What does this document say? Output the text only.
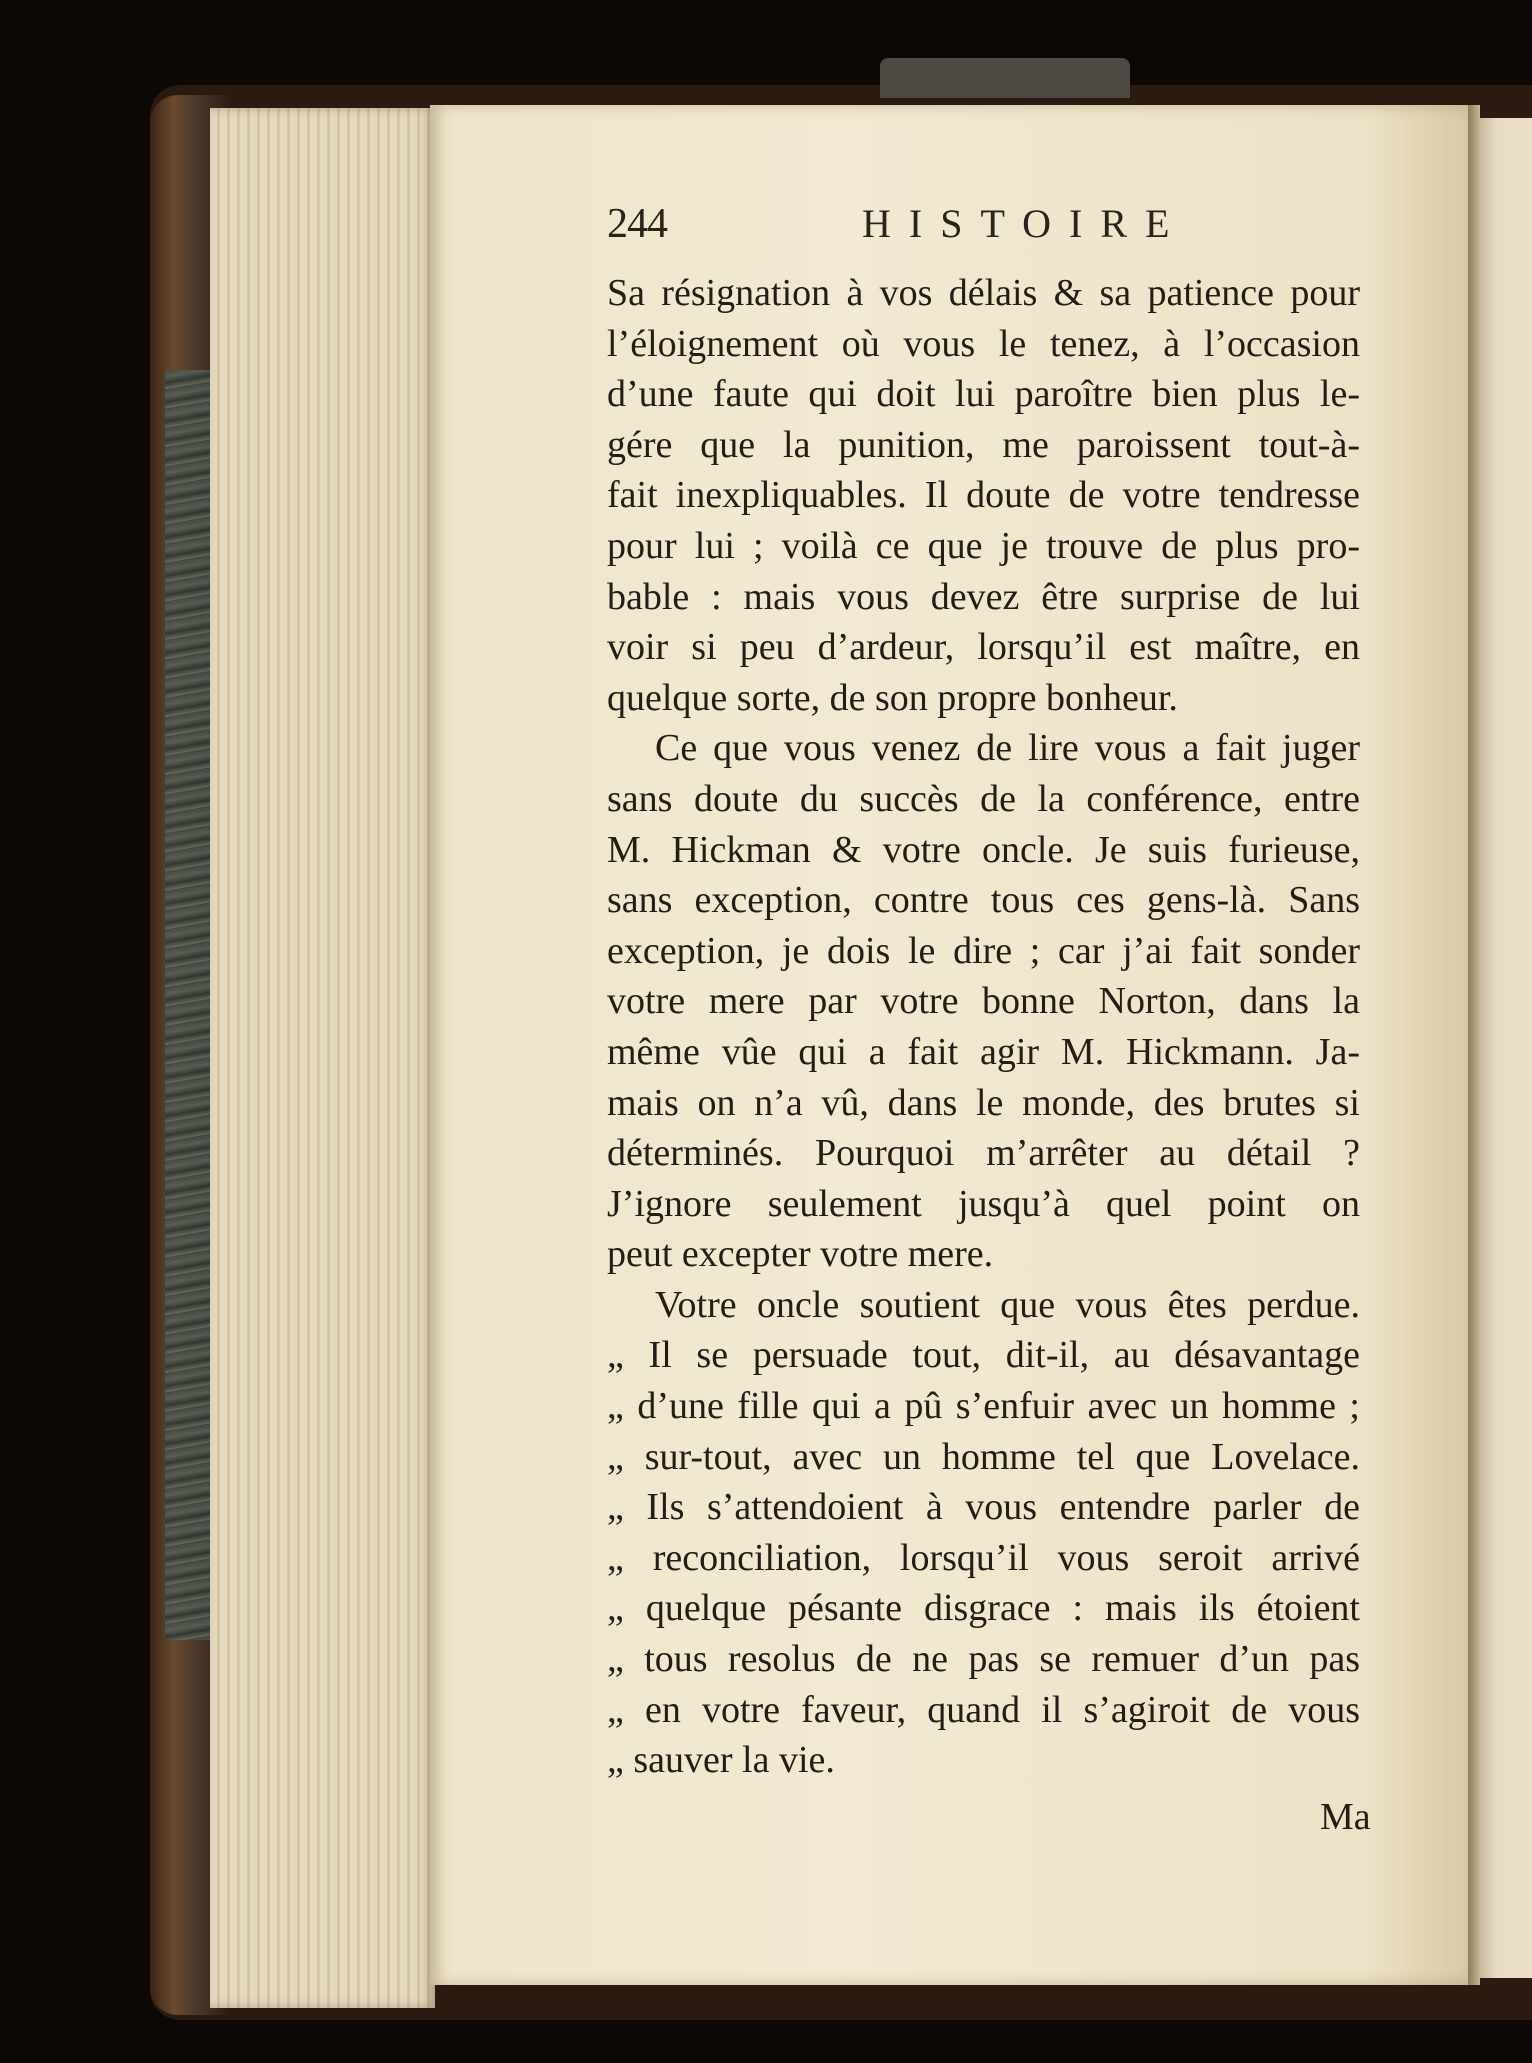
244	HISTOIRE
Sa résignation à vos délais & sa patience pour
l’éloignement où vous le tenez, à l’occasion
d’une faute qui doit lui paroître bien plus le-
gére que la punition, me paroissent tout-à-
fait inexpliquables. Il doute de votre tendresse
pour lui ; voilà ce que je trouve de plus pro-
bable : mais vous devez être surprise de lui
voir si peu d’ardeur, lorsqu’il est maître, en
quelque sorte, de son propre bonheur.
Ce que vous venez de lire vous a fait juger
sans doute du succès de la conférence, entre
M. Hickman & votre oncle. Je suis furieuse,
sans exception, contre tous ces gens-là. Sans
exception, je dois le dire ; car j’ai fait sonder
votre mere par votre bonne Norton, dans la
même vûe qui a fait agir M. Hickmann. Ja-
mais on n’a vû, dans le monde, des brutes si
déterminés. Pourquoi m’arrêter au détail ?
J’ignore seulement jusqu’à quel point on
peut excepter votre mere.
Votre oncle soutient que vous êtes perdue.
„ Il se persuade tout, dit-il, au désavantage
„ d’une fille qui a pû s’enfuir avec un homme ;
„ sur-tout, avec un homme tel que Lovelace.
„ Ils s’attendoient à vous entendre parler de
„ reconciliation, lorsqu’il vous seroit arrivé
„ quelque pésante disgrace : mais ils étoient
„ tous resolus de ne pas se remuer d’un pas
„ en votre faveur, quand il s’agiroit de vous
„ sauver la vie.
Ma
